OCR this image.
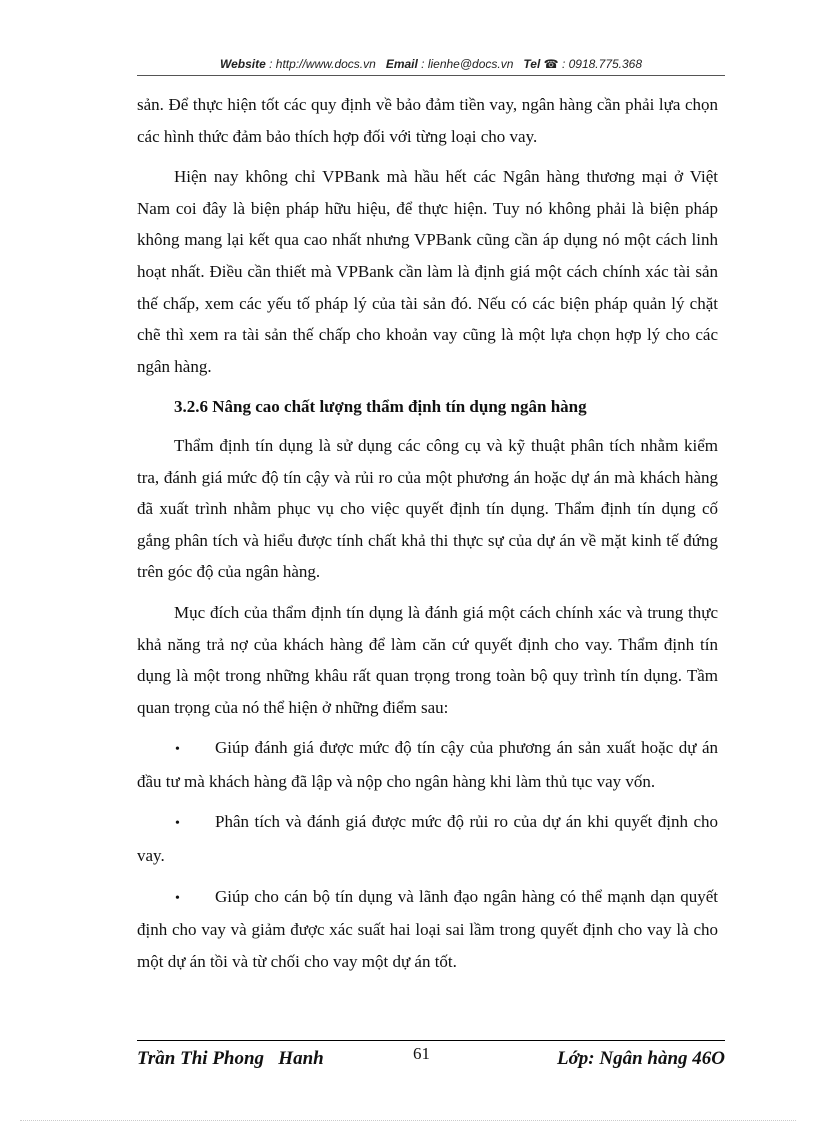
Website : http://www.docs.vn Email : lienhe@docs.vn Tel ☎ : 0918.775.368

sản. Để thực hiện tốt các quy định về bảo đảm tiền vay, ngân hàng cần phải lựa chọn các hình thức đảm bảo thích hợp đối với từng loại cho vay.

Hiện nay không chỉ VPBank mà hầu hết các Ngân hàng thương mại ở Việt Nam coi đây là biện pháp hữu hiệu, để thực hiện. Tuy nó không phải là biện pháp không mang lại kết qua cao nhất nhưng VPBank cũng cần áp dụng nó một cách linh hoạt nhất. Điều cần thiết mà VPBank cần làm là định giá một cách chính xác tài sản thế chấp, xem các yếu tố pháp lý của tài sản đó. Nếu có các biện pháp quản lý chặt chẽ thì xem ra tài sản thế chấp cho khoản vay cũng là một lựa chọn hợp lý cho các ngân hàng.

3.2.6 Nâng cao chất lượng thẩm định tín dụng ngân hàng

Thẩm định tín dụng là sử dụng các công cụ và kỹ thuật phân tích nhằm kiểm tra, đánh giá mức độ tín cậy và rủi ro của một phương án hoặc dự án mà khách hàng đã xuất trình nhằm phục vụ cho việc quyết định tín dụng. Thẩm định tín dụng cố gắng phân tích và hiểu được tính chất khả thi thực sự của dự án về mặt kinh tế đứng trên góc độ của ngân hàng.

Mục đích của thẩm định tín dụng là đánh giá một cách chính xác và trung thực khả năng trả nợ của khách hàng để làm căn cứ quyết định cho vay. Thẩm định tín dụng là một trong những khâu rất quan trọng trong toàn bộ quy trình tín dụng. Tầm quan trọng của nó thể hiện ở những điểm sau:

• Giúp đánh giá được mức độ tín cậy của phương án sản xuất hoặc dự án đầu tư mà khách hàng đã lập và nộp cho ngân hàng khi làm thủ tục vay vốn.

• Phân tích và đánh giá được mức độ rủi ro của dự án khi quyết định cho vay.

• Giúp cho cán bộ tín dụng và lãnh đạo ngân hàng có thể mạnh dạn quyết định cho vay và giảm được xác suất hai loại sai lầm trong quyết định cho vay là cho một dự án tồi và từ chối cho vay một dự án tốt.

Trần Thi Phong   Hanh	61	Lớp: Ngân hàng 46O
